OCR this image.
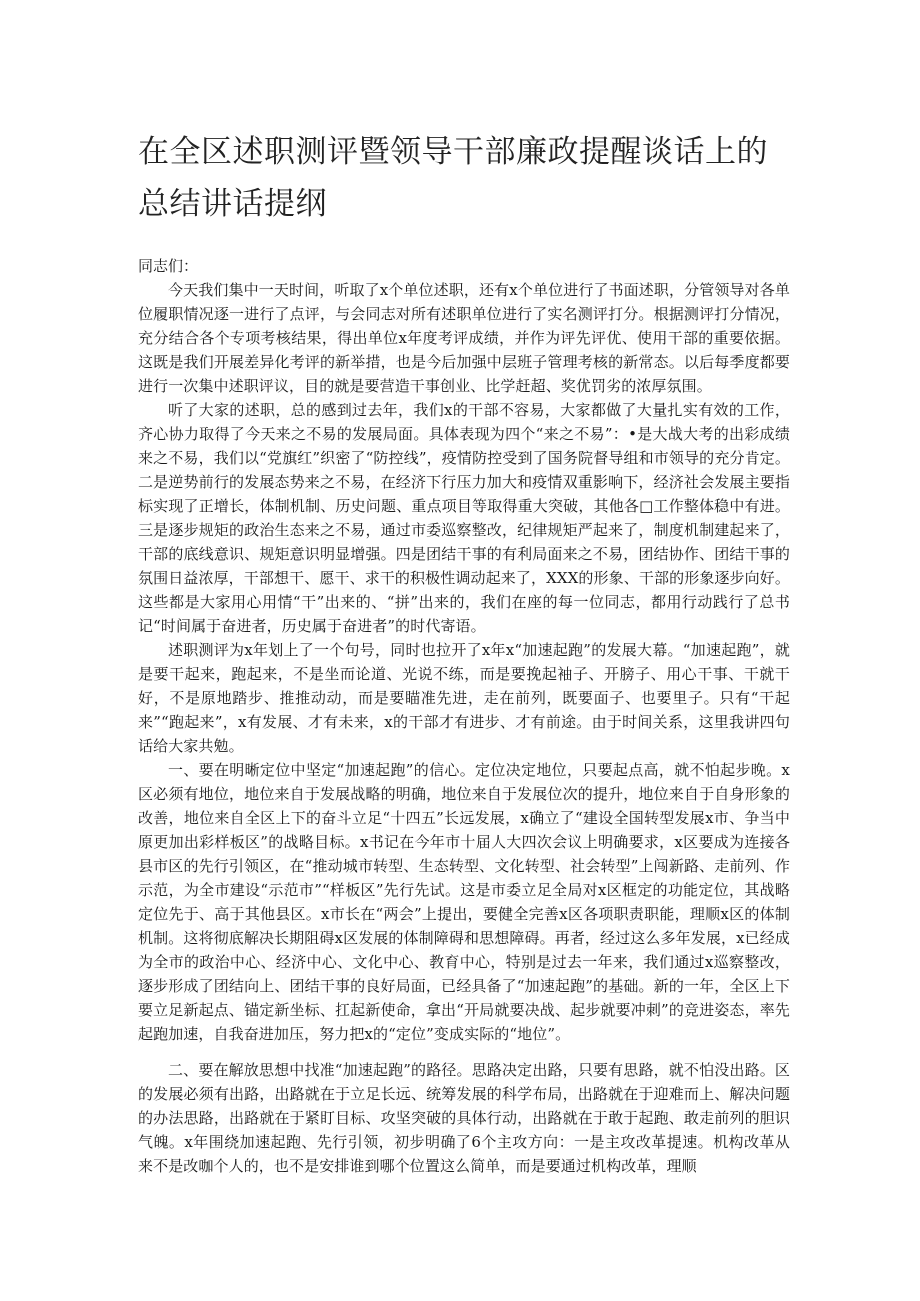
在全区述职测评暨领导干部廉政提醒谈话上的总结讲话提纲

同志们：

今天我们集中一天时间，听取了x个单位述职，还有x个单位进行了书面述职，分管领导对各单位履职情况逐一进行了点评，与会同志对所有述职单位进行了实名测评打分。根据测评打分情况，充分结合各个专项考核结果，得出单位x年度考评成绩，并作为评先评优、使用干部的重要依据。这既是我们开展差异化考评的新举措，也是今后加强中层班子管理考核的新常态。以后每季度都要进行一次集中述职评议，目的就是要营造干事创业、比学赶超、奖优罚劣的浓厚氛围。

听了大家的述职，总的感到过去年，我们x的干部不容易，大家都做了大量扎实有效的工作，齐心协力取得了今天来之不易的发展局面。具体表现为四个“来之不易”：•是大战大考的出彩成绩来之不易，我们以“党旗红”织密了“防控线”，疫情防控受到了国务院督导组和市领导的充分肯定。二是逆势前行的发展态势来之不易，在经济下行压力加大和疫情双重影响下，经济社会发展主要指标实现了正增长，体制机制、历史问题、重点项目等取得重大突破，其他各□工作整体稳中有进。三是逐步规矩的政治生态来之不易，通过市委巡察整改，纪律规矩严起来了，制度机制建起来了，干部的底线意识、规矩意识明显增强。四是团结干事的有利局面来之不易，团结协作、团结干事的氛围日益浓厚，干部想干、愿干、求干的积极性调动起来了，XXX的形象、干部的形象逐步向好。这些都是大家用心用情“干”出来的、“拼”出来的，我们在座的每一位同志，都用行动践行了总书记“时间属于奋进者，历史属于奋进者”的时代寄语。

述职测评为x年划上了一个句号，同时也拉开了x年x“加速起跑”的发展大幕。“加速起跑”，就是要干起来，跑起来，不是坐而论道、光说不练，而是要挽起袖子、开膀子、用心干事、干就干好，不是原地踏步、推推动动，而是要瞄准先进，走在前列，既要面子、也要里子。只有“干起来”“跑起来”，x有发展、才有未来，x的干部才有进步、才有前途。由于时间关系，这里我讲四句话给大家共勉。

一、要在明晰定位中坚定“加速起跑”的信心。定位决定地位，只要起点高，就不怕起步晚。x区必须有地位，地位来自于发展战略的明确，地位来自于发展位次的提升，地位来自于自身形象的改善，地位来自全区上下的奋斗立足“十四五”长远发展，x确立了“建设全国转型发展x市、争当中原更加出彩样板区”的战略目标。x书记在今年市十届人大四次会议上明确要求，x区要成为连接各县市区的先行引领区，在“推动城市转型、生态转型、文化转型、社会转型”上闯新路、走前列、作示范，为全市建设“示范市”“样板区”先行先试。这是市委立足全局对x区框定的功能定位，其战略定位先于、高于其他县区。x市长在“两会”上提出，要健全完善x区各项职责职能，理顺x区的体制机制。这将彻底解决长期阻碍x区发展的体制障碍和思想障碍。再者，经过这么多年发展，x已经成为全市的政治中心、经济中心、文化中心、教育中心，特别是过去一年来，我们通过x巡察整改，逐步形成了团结向上、团结干事的良好局面，已经具备了“加速起跑”的基础。新的一年，全区上下要立足新起点、锚定新坐标、扛起新使命，拿出“开局就要决战、起步就要冲刺”的竞进姿态，率先起跑加速，自我奋进加压，努力把x的“定位”变成实际的“地位”。

二、要在解放思想中找准“加速起跑”的路径。思路决定出路，只要有思路，就不怕没出路。区的发展必须有出路，出路就在于立足长远、统筹发展的科学布局，出路就在于迎难而上、解决问题的办法思路，出路就在于紧盯目标、攻坚突破的具体行动，出路就在于敢于起跑、敢走前列的胆识气魄。x年围绕加速起跑、先行引领，初步明确了6个主攻方向：一是主攻改革提速。机构改革从来不是改咖个人的，也不是安排谁到哪个位置这么简单，而是要通过机构改革，理顺
